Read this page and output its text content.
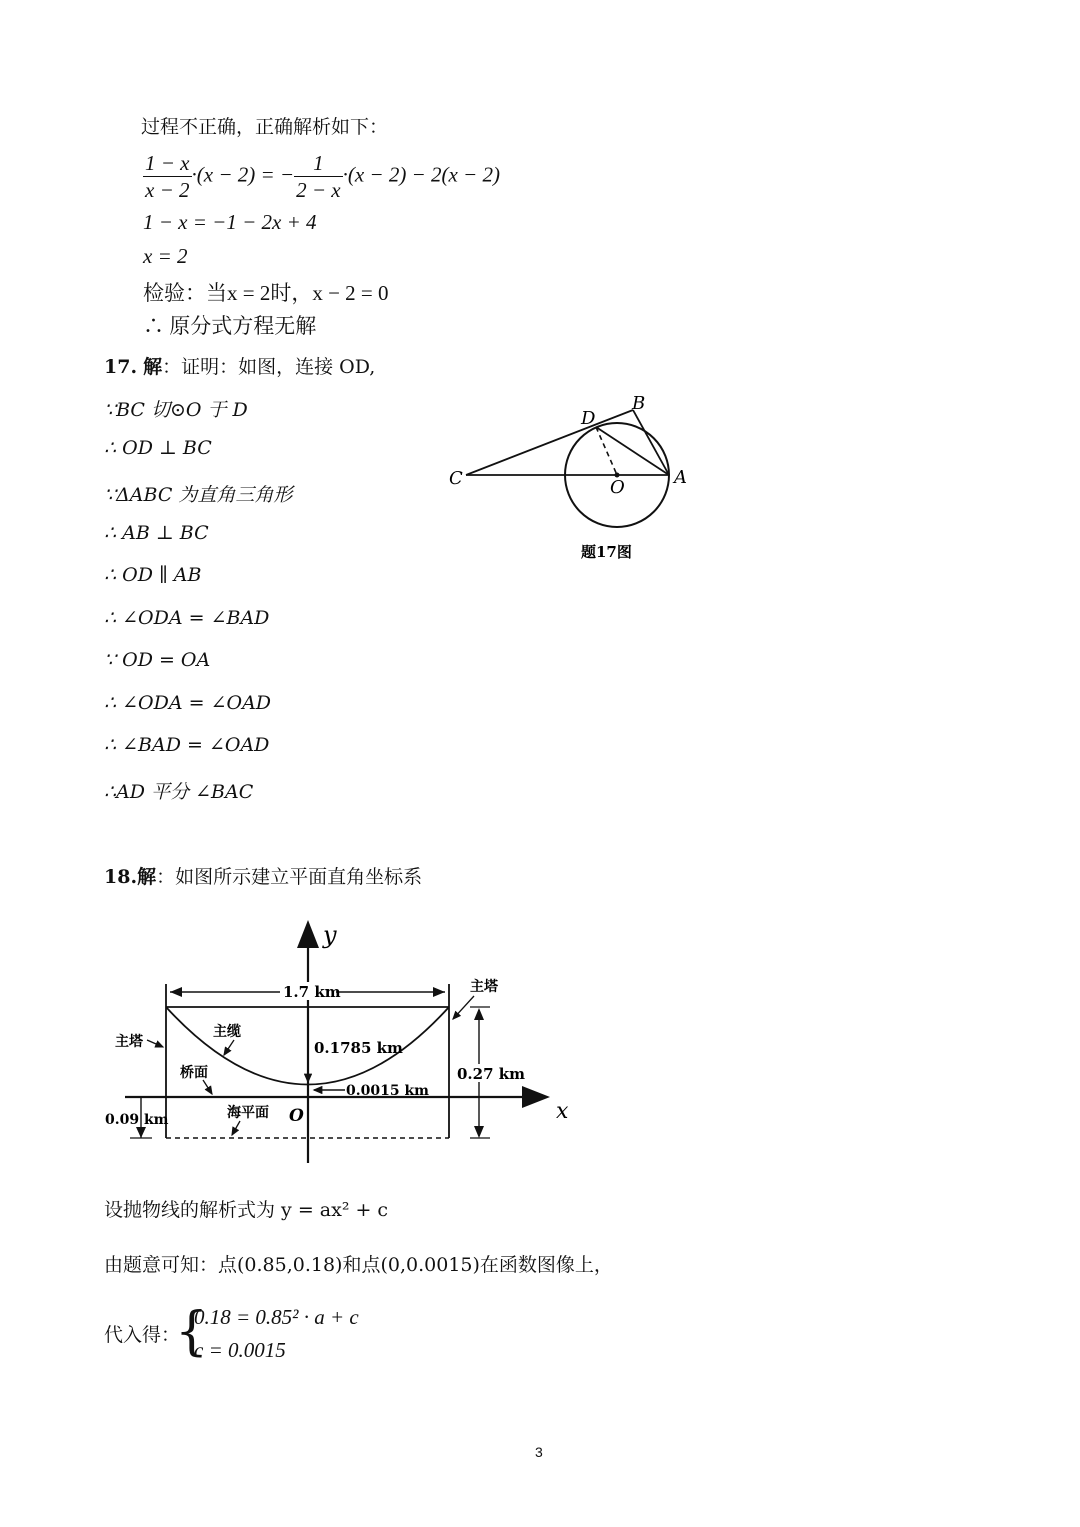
过程不正确，正确解析如下：
$\frac{1 - x}{x - 2} \cdot(x - 2)$ = − $\frac{1}{2 - x} \cdot(x - 2) - 2(x - 2)$
1 − x = −1 − 2x + 4
x = 2
检验：当x = 2时，x − 2 = 0
∴ 原分式方程无解
17. 解：证明：如图，连接 OD,
∵BC 切⊙O 于 D
∴ OD ⊥ BC
∵ΔABC 为直角三角形
∴ AB ⊥ BC
∴ OD ∥ AB
∴ ∠ODA = ∠BAD
∵ OD = OA
∴ ∠ODA = ∠OAD
∴ ∠BAD = ∠OAD
∴AD 平分 ∠BAC
C
D
B
A
O
题17图
18.解：如图所示建立平面直角坐标系
y
x
O
1.7 km
0.1785 km
0.0015 km
0.27 km
0.09 km
主塔
主塔
主缆
桥面
海平面
设抛物线的解析式为 y = ax² + c
由题意可知：点(0.85,0.18)和点(0,0.0015)在函数图像上，
代入得：
{
0.18 = 0.85² · a + c
c = 0.0015
3
